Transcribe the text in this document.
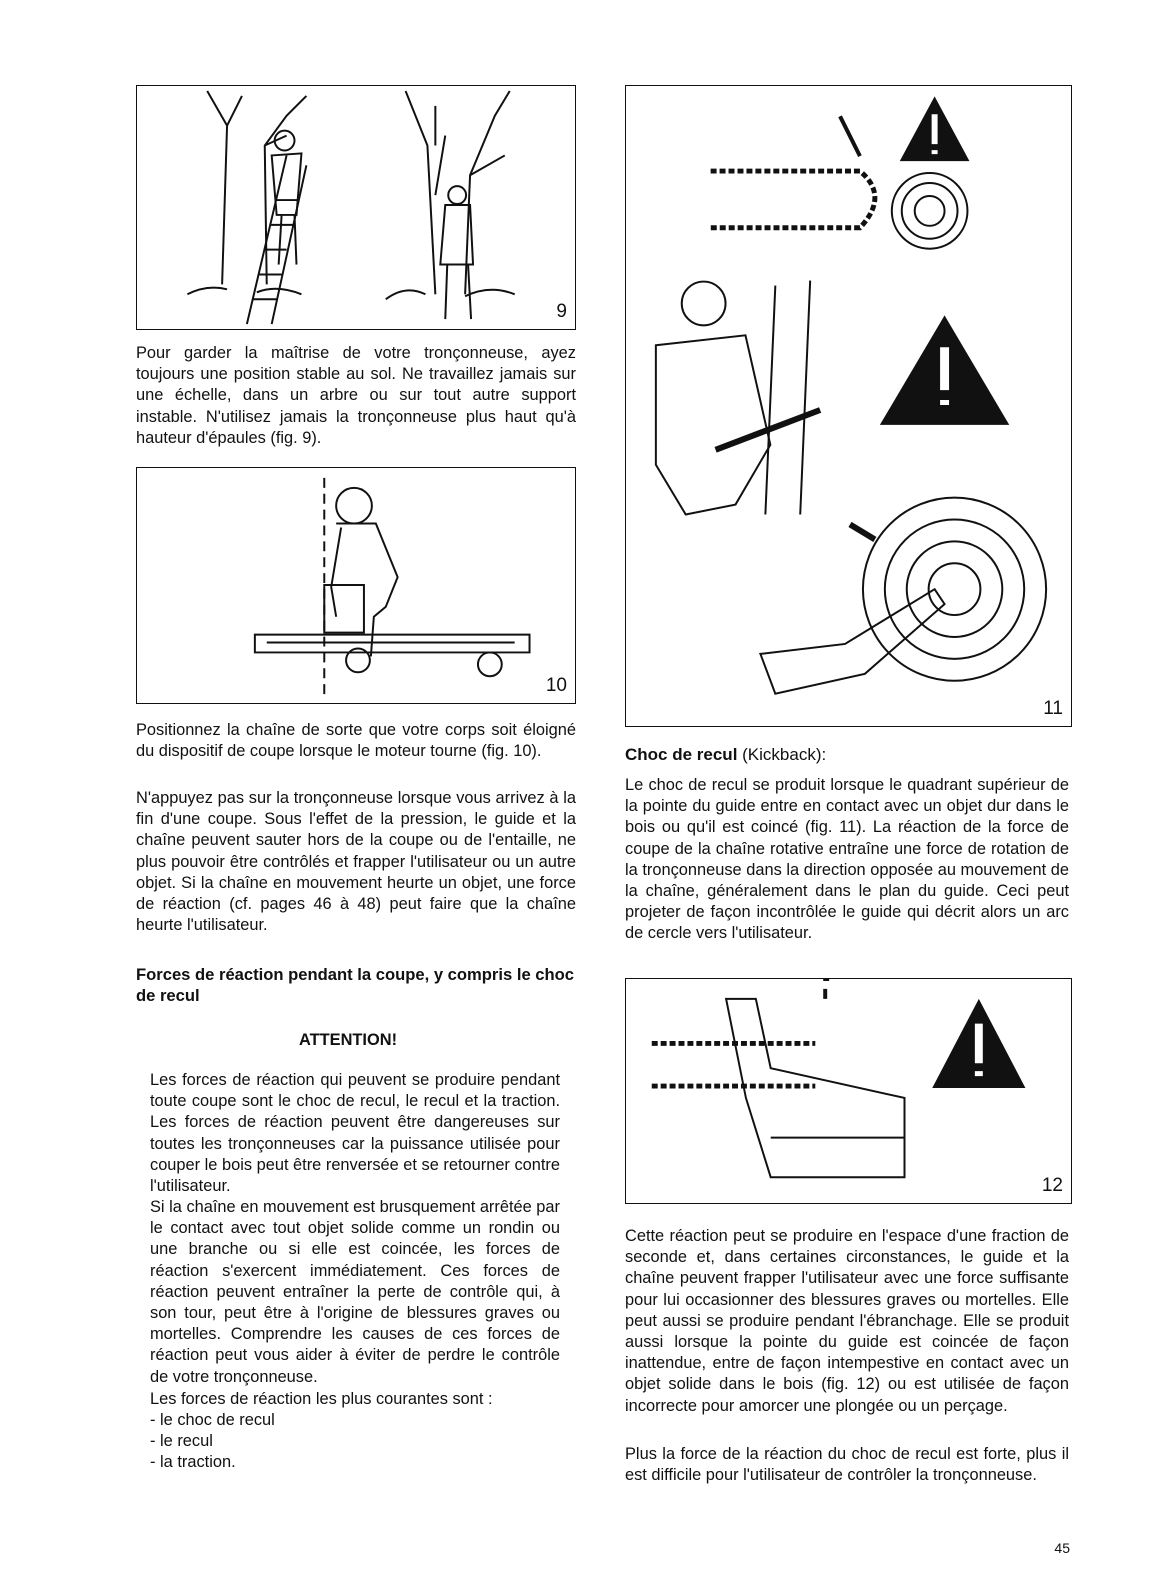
9

Pour garder la maîtrise de votre tronçonneuse, ayez toujours une position stable au sol. Ne travaillez jamais sur une échelle, dans un arbre ou sur tout autre support instable. N'utilisez jamais la tronçonneuse plus haut qu'à hauteur d'épaules (fig. 9).

10

Positionnez la chaîne de sorte que votre corps soit éloigné du dispositif de coupe lorsque le moteur tourne (fig. 10).

N'appuyez pas sur la tronçonneuse lorsque vous arrivez à la fin d'une coupe. Sous l'effet de la pression, le guide et la chaîne peuvent sauter hors de la coupe ou de l'entaille, ne plus pouvoir être contrôlés et frapper l'utilisateur ou un autre objet. Si la chaîne en mouvement heurte un objet, une force de réaction (cf. pages 46 à 48) peut faire que la chaîne heurte l'utilisateur.

Forces de réaction pendant la coupe, y compris le choc de recul

ATTENTION!

Les forces de réaction qui peuvent se produire pendant toute coupe sont le choc de recul, le recul et la traction. Les forces de réaction peuvent être dangereuses sur toutes les tronçonneuses car la puissance utilisée pour couper le bois peut être renversée et se retourner contre l'utilisateur.

Si la chaîne en mouvement est brusquement arrêtée par le contact avec tout objet solide comme un rondin ou une branche ou si elle est coincée, les forces de réaction s'exercent immédiatement. Ces forces de réaction peuvent entraîner la perte de contrôle qui, à son tour, peut être à l'origine de blessures graves ou mortelles. Comprendre les causes de ces forces de réaction peut vous aider à éviter de perdre le contrôle de votre tronçonneuse.

Les forces de réaction les plus courantes sont :

- le choc de recul
- le recul
- la traction.
11
Choc de recul (Kickback):

Le choc de recul se produit lorsque le quadrant supérieur de la pointe du guide entre en contact avec un objet dur dans le bois ou qu'il est coincé (fig. 11). La réaction de la force de coupe de la chaîne rotative entraîne une force de rotation de la tronçonneuse dans la direction opposée au mouvement de la chaîne, généralement dans le plan du guide. Ceci peut projeter de façon incontrôlée le guide qui décrit alors un arc de cercle vers l'utilisateur.

12

Cette réaction peut se produire en l'espace d'une fraction de seconde et, dans certaines circonstances, le guide et la chaîne peuvent frapper l'utilisateur avec une force suffisante pour lui occasionner des blessures graves ou mortelles. Elle peut aussi se produire pendant l'ébranchage. Elle se produit aussi lorsque la pointe du guide est coincée de façon inattendue, entre de façon intempestive en contact avec un objet solide dans le bois (fig. 12) ou est utilisée de façon incorrecte pour amorcer une plongée ou un perçage.

Plus la force de la réaction du choc de recul est forte, plus il est difficile pour l'utilisateur de contrôler la tronçonneuse.

45
